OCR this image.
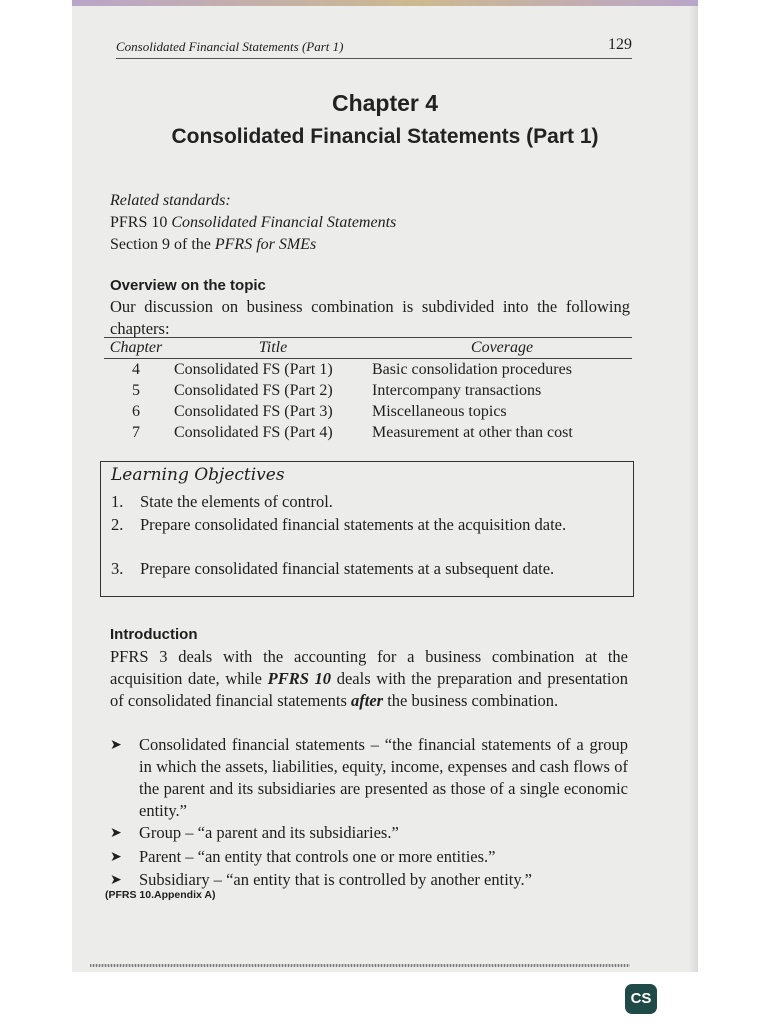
Consolidated Financial Statements (Part 1)	129
Chapter 4
Consolidated Financial Statements (Part 1)
Related standards:
PFRS 10 Consolidated Financial Statements
Section 9 of the PFRS for SMEs
Overview on the topic
Our discussion on business combination is subdivided into the following chapters:
Chapter	Title	Coverage
4	Consolidated FS (Part 1)	Basic consolidation procedures
5	Consolidated FS (Part 2)	Intercompany transactions
6	Consolidated FS (Part 3)	Miscellaneous topics
7	Consolidated FS (Part 4)	Measurement at other than cost
Learning Objectives
1. State the elements of control.
2. Prepare consolidated financial statements at the acquisition date.
3. Prepare consolidated financial statements at a subsequent date.
Introduction
PFRS 3 deals with the accounting for a business combination at the acquisition date, while PFRS 10 deals with the preparation and presentation of consolidated financial statements after the business combination.
➤ Consolidated financial statements – “the financial statements of a group in which the assets, liabilities, equity, income, expenses and cash flows of the parent and its subsidiaries are presented as those of a single economic entity.”
➤ Group – “a parent and its subsidiaries.”
➤ Parent – “an entity that controls one or more entities.”
➤ Subsidiary – “an entity that is controlled by another entity.”
(PFRS 10.Appendix A)
CS
